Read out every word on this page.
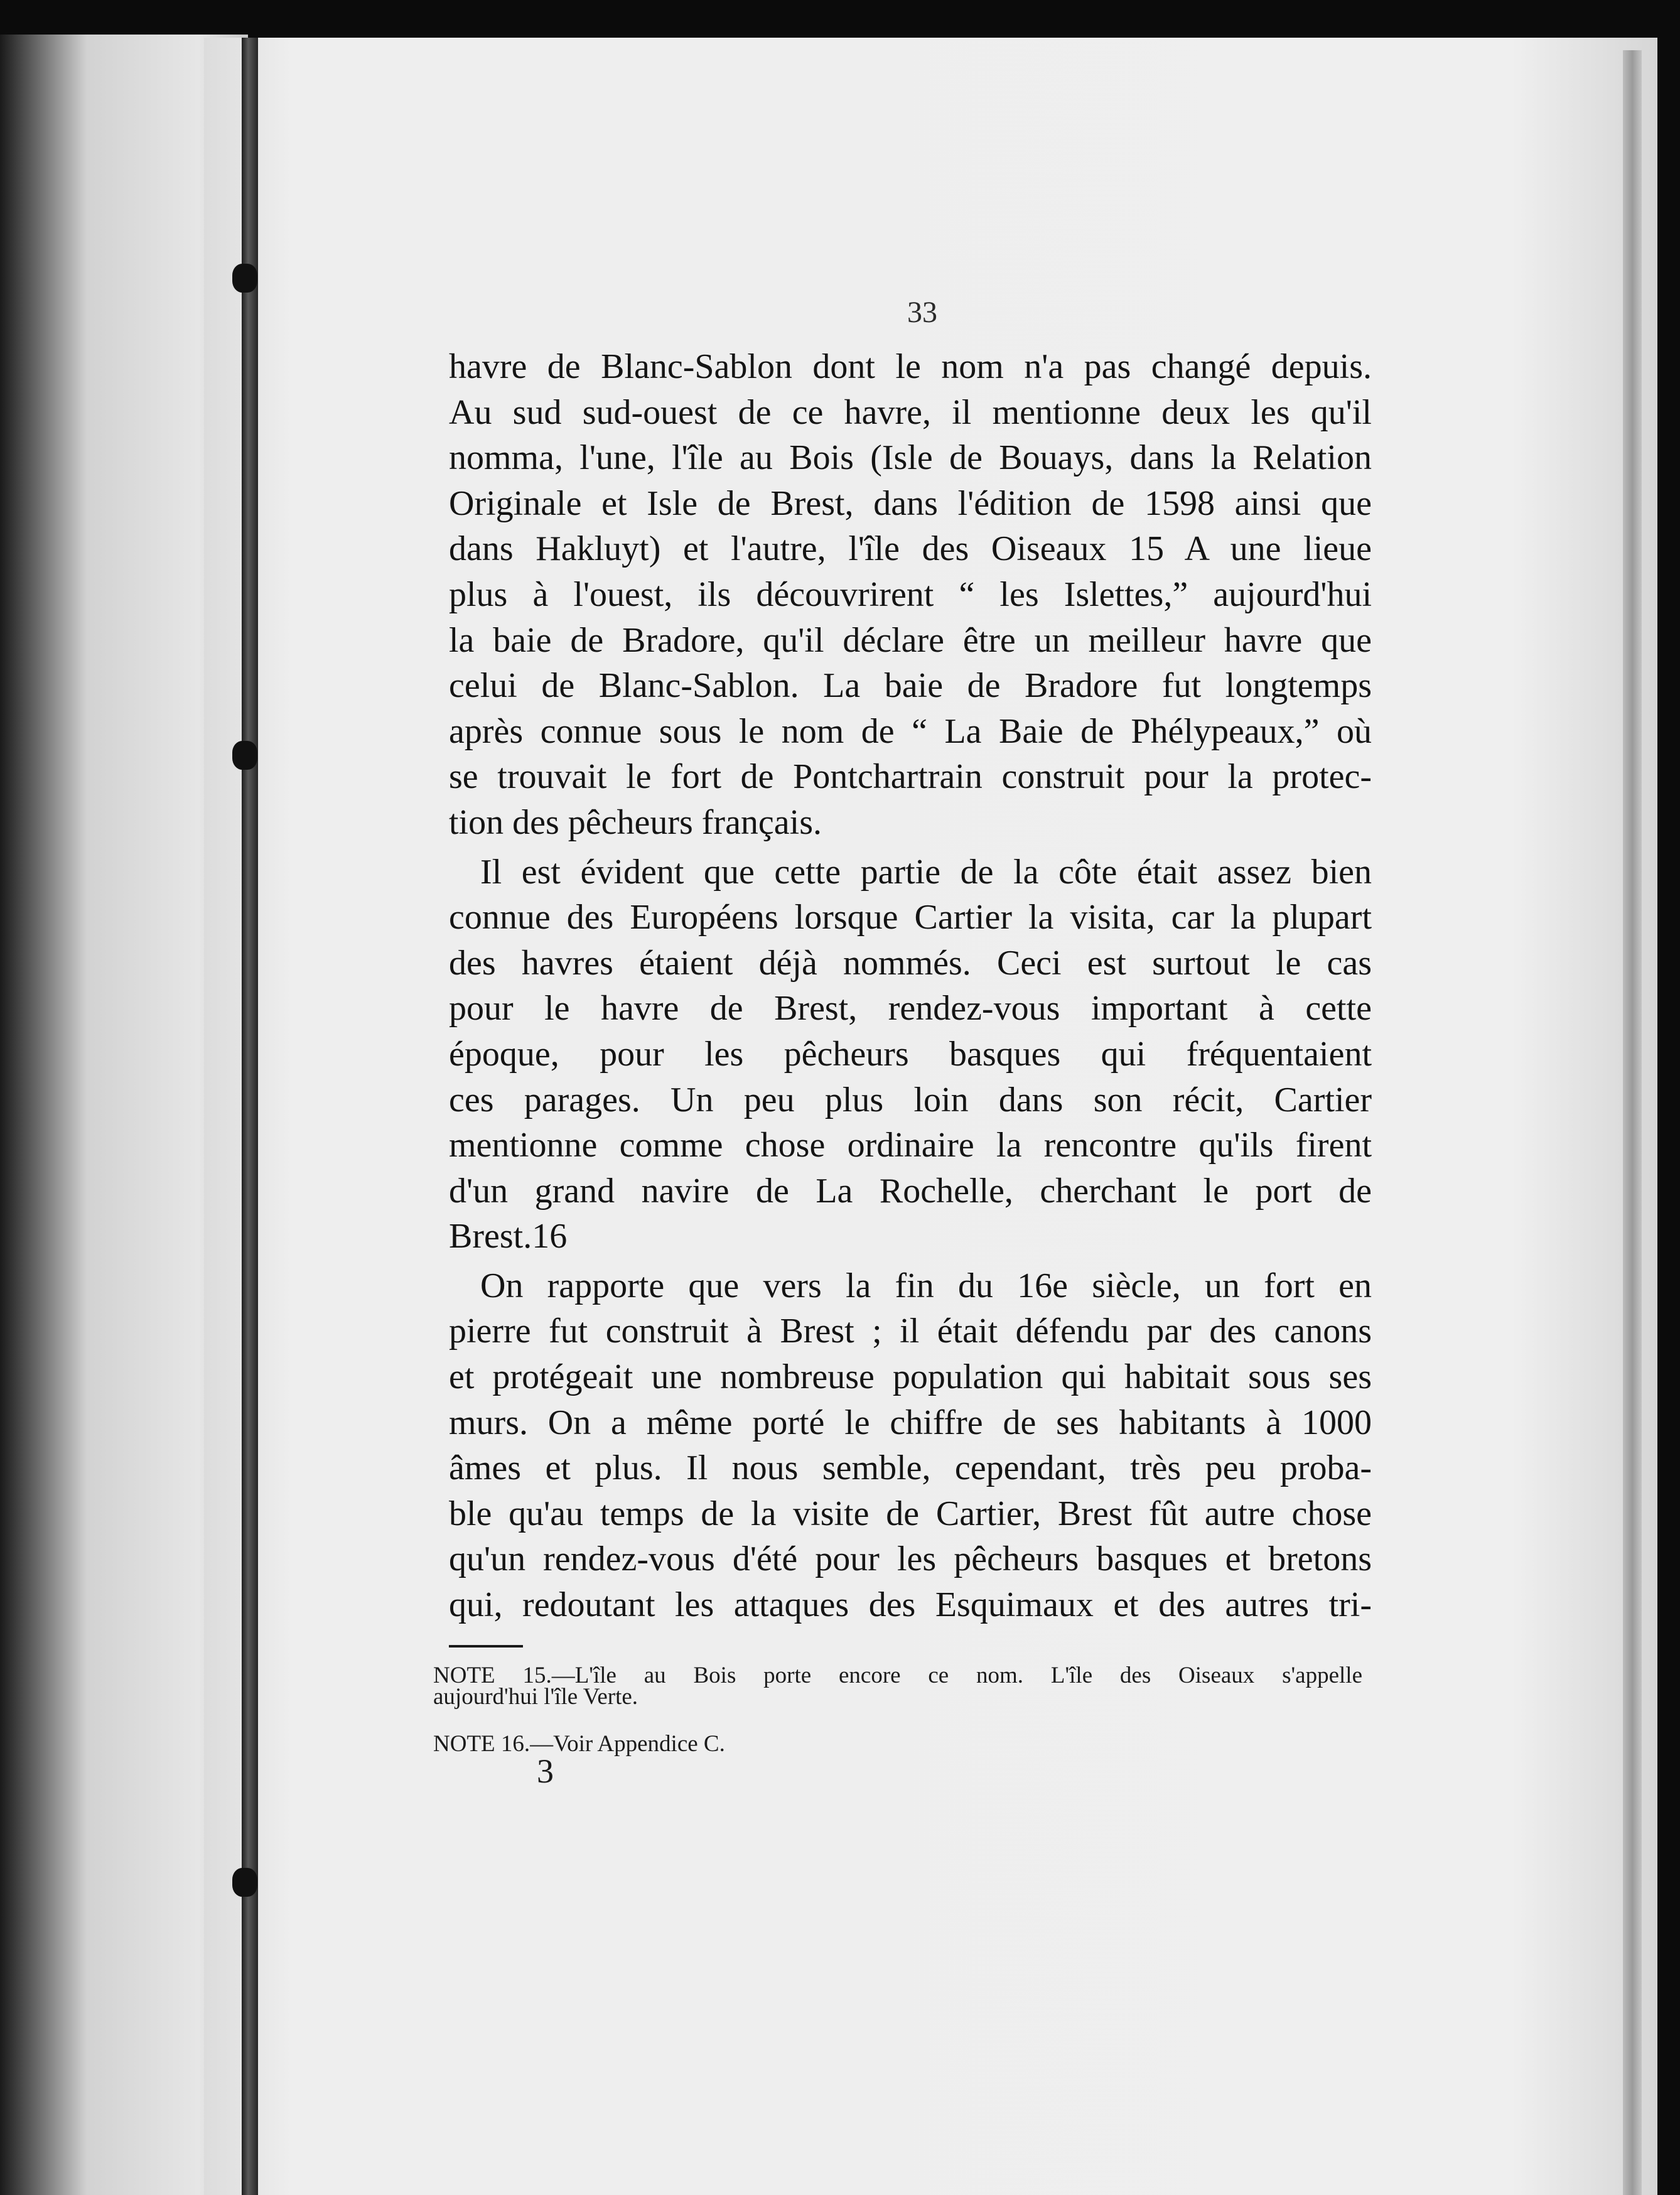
33
havre de Blanc-Sablon dont le nom n'a pas changé depuis.
Au sud sud-ouest de ce havre, il mentionne deux les qu'il
nomma, l'une, l'île au Bois (Isle de Bouays, dans la Relation
Originale et Isle de Brest, dans l'édition de 1598 ainsi que
dans Hakluyt) et l'autre, l'île des Oiseaux 15 A une lieue
plus à l'ouest, ils découvrirent “ les Islettes,” aujourd'hui
la baie de Bradore, qu'il déclare être un meilleur havre que
celui de Blanc-Sablon. La baie de Bradore fut longtemps
après connue sous le nom de “ La Baie de Phélypeaux,” où
se trouvait le fort de Pontchartrain construit pour la protec-
tion des pêcheurs français.
Il est évident que cette partie de la côte était assez bien
connue des Européens lorsque Cartier la visita, car la plupart
des havres étaient déjà nommés. Ceci est surtout le cas
pour le havre de Brest, rendez-vous important à cette
époque, pour les pêcheurs basques qui fréquentaient
ces parages. Un peu plus loin dans son récit, Cartier
mentionne comme chose ordinaire la rencontre qu'ils firent
d'un grand navire de La Rochelle, cherchant le port de
Brest.16
On rapporte que vers la fin du 16e siècle, un fort en
pierre fut construit à Brest ; il était défendu par des canons
et protégeait une nombreuse population qui habitait sous ses
murs. On a même porté le chiffre de ses habitants à 1000
âmes et plus. Il nous semble, cependant, très peu proba-
ble qu'au temps de la visite de Cartier, Brest fût autre chose
qu'un rendez-vous d'été pour les pêcheurs basques et bretons
qui, redoutant les attaques des Esquimaux et des autres tri-
NOTE 15.—L'île au Bois porte encore ce nom. L'île des Oiseaux s'appelle
aujourd'hui l'île Verte.
NOTE 16.—Voir Appendice C.
3
